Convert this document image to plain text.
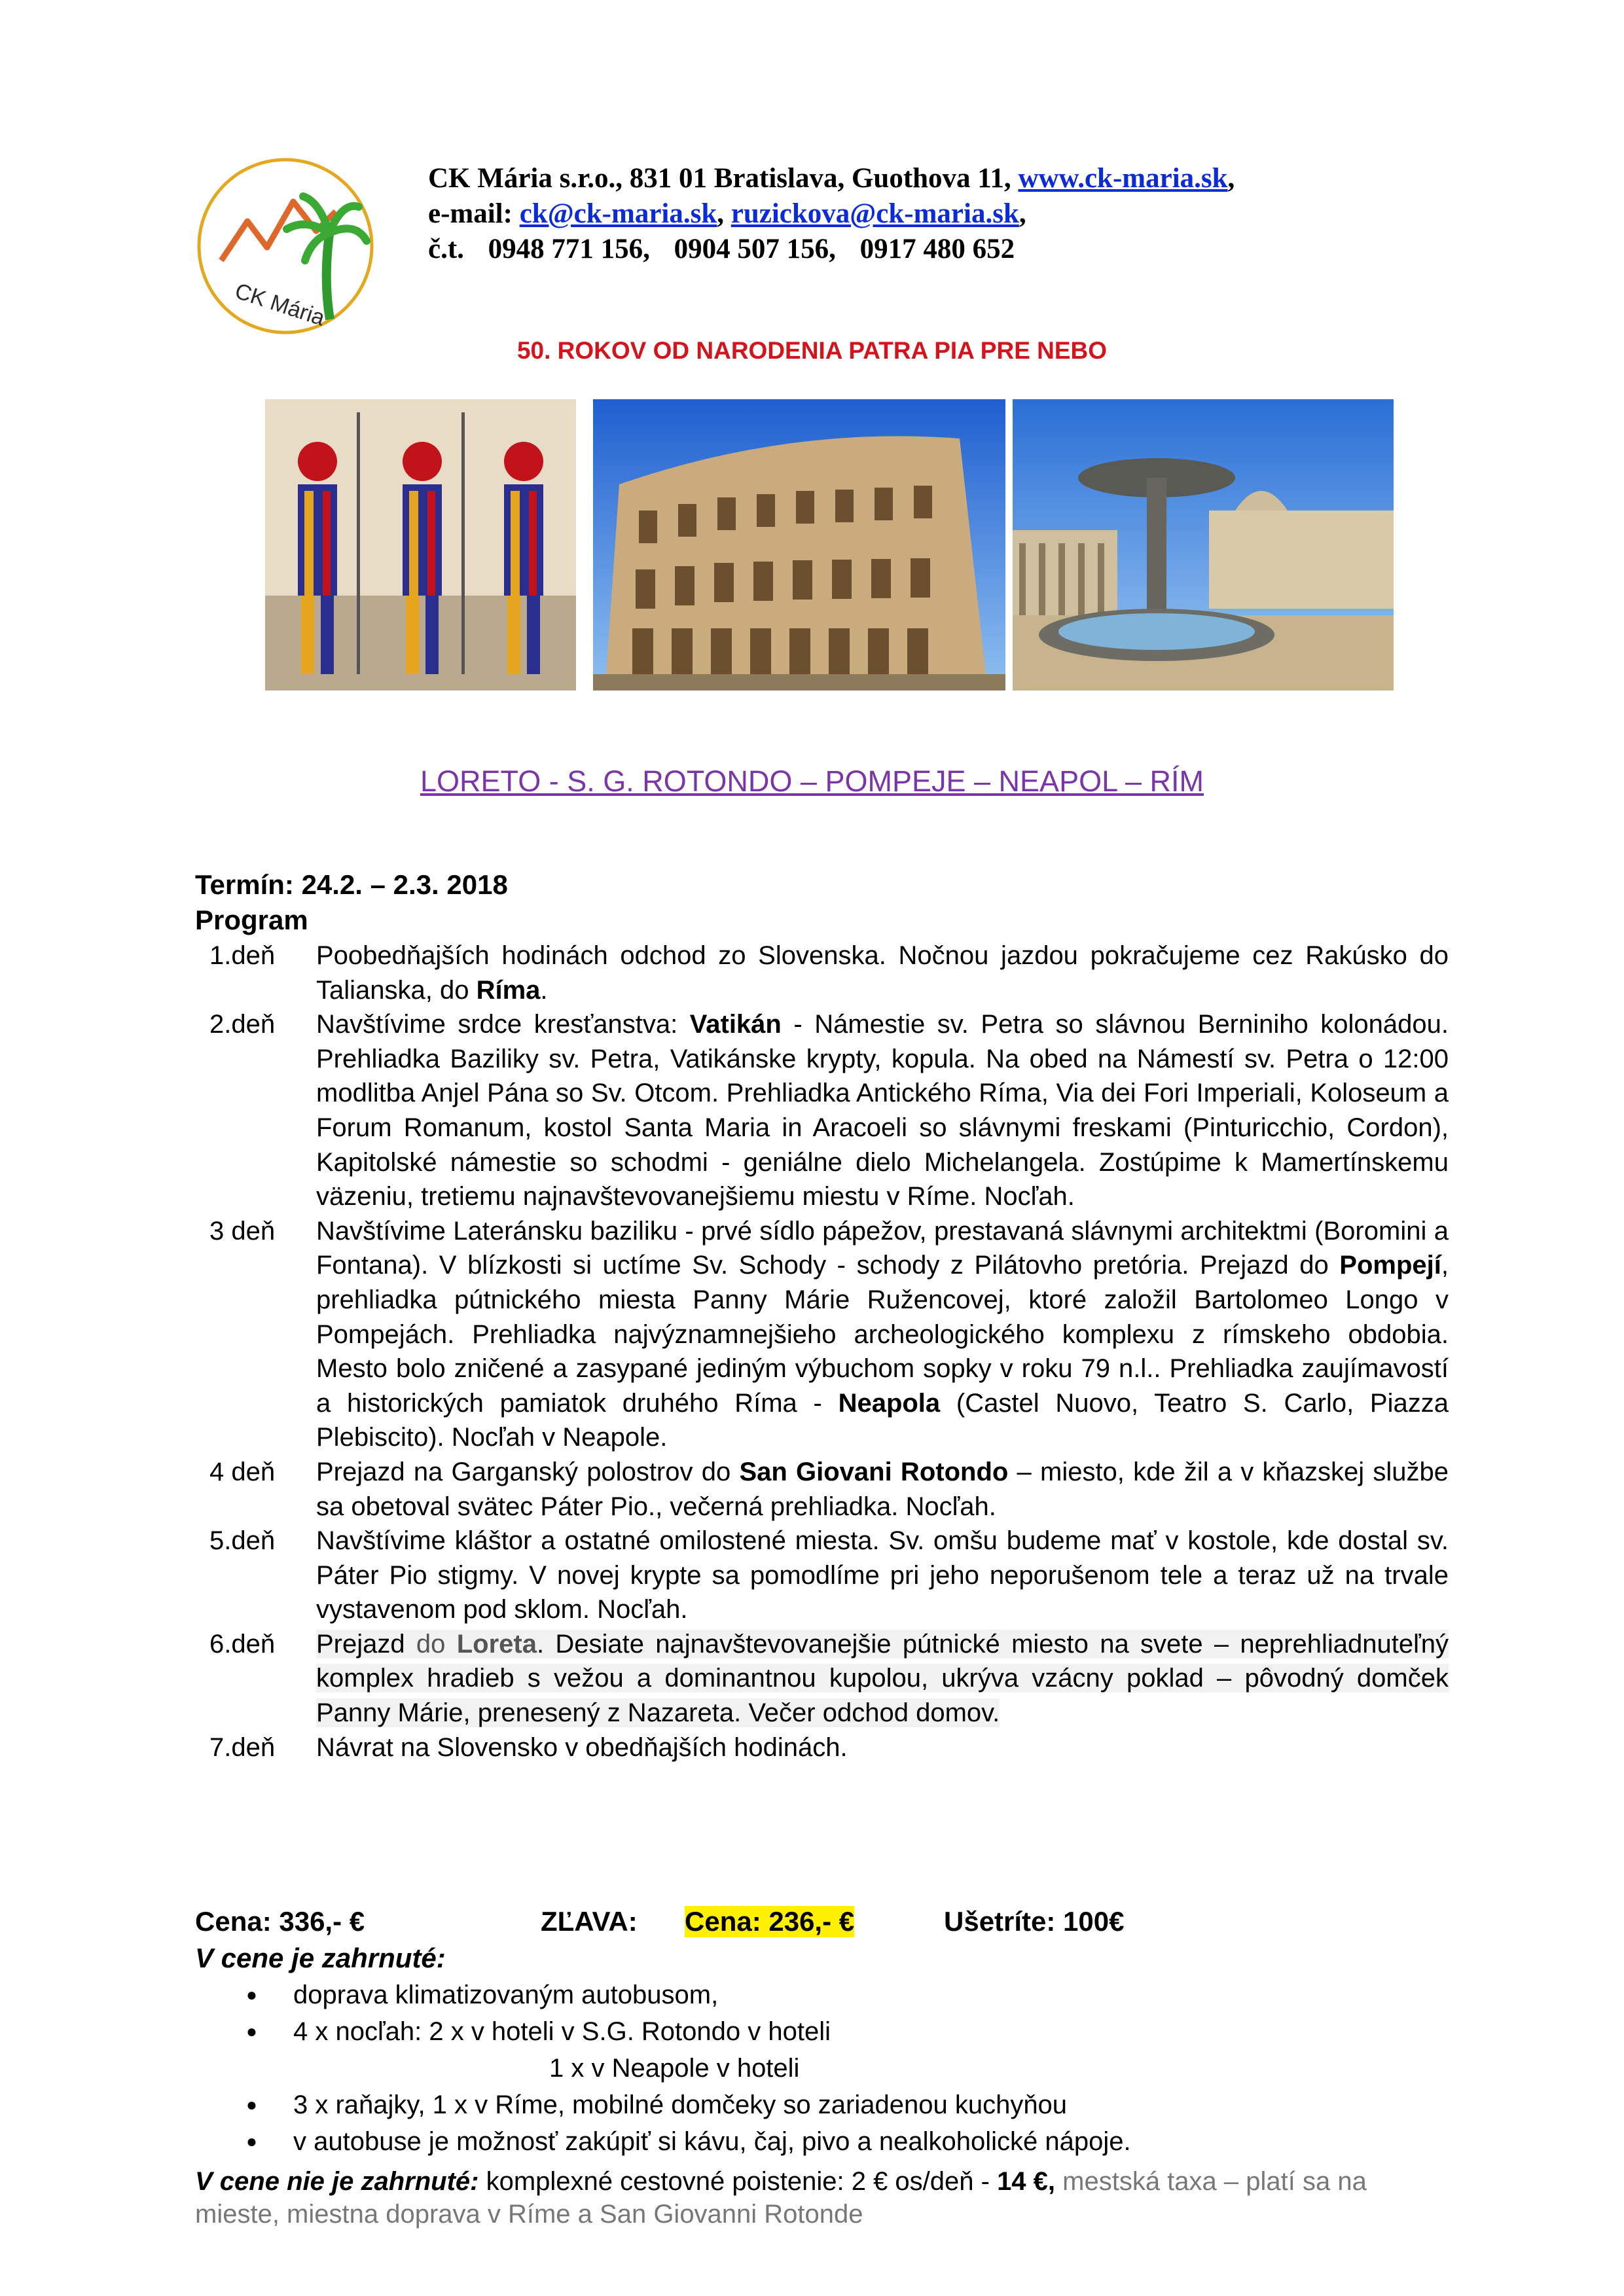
CK Mária
CK Mária s.r.o., 831 01 Bratislava, Guothova 11, www.ck-maria.sk,
e-mail: ck@ck-maria.sk, ruzickova@ck-maria.sk,
č.t. 0948 771 156, 0904 507 156, 0917 480 652
50. ROKOV OD NARODENIA PATRA PIA PRE NEBO
LORETO - S. G. ROTONDO – POMPEJE – NEAPOL – RÍM
Termín: 24.2. – 2.3. 2018
Program
1.deň Poobedňajších hodinách odchod zo Slovenska. Nočnou jazdou pokračujeme cez Rakúsko do Talianska, do Ríma.
2.deň Navštívime srdce kresťanstva: Vatikán - Námestie sv. Petra so slávnou Berniniho kolonádou. Prehliadka Baziliky sv. Petra, Vatikánske krypty, kopula. Na obed na Námestí sv. Petra o 12:00 modlitba Anjel Pána so Sv. Otcom. Prehliadka Antického Ríma, Via dei Fori Imperiali, Koloseum a Forum Romanum, kostol Santa Maria in Aracoeli so slávnymi freskami (Pinturicchio, Cordon), Kapitolské námestie so schodmi - geniálne dielo Michelangela. Zostúpime k Mamertínskemu väzeniu, tretiemu najnavštevovanejšiemu miestu v Ríme. Nocľah.
3 deň Navštívime Lateránsku baziliku - prvé sídlo pápežov, prestavaná slávnymi architektmi (Boromini a Fontana). V blízkosti si uctíme Sv. Schody - schody z Pilátovho pretória. Prejazd do Pompejí, prehliadka pútnického miesta Panny Márie Ružencovej, ktoré založil Bartolomeo Longo v Pompejách. Prehliadka najvýznamnejšieho archeologického komplexu z rímskeho obdobia. Mesto bolo zničené a zasypané jediným výbuchom sopky v roku 79 n.l.. Prehliadka zaujímavostí a historických pamiatok druhého Ríma - Neapola (Castel Nuovo, Teatro S. Carlo, Piazza Plebiscito). Nocľah v Neapole.
4 deň Prejazd na Garganský polostrov do San Giovani Rotondo – miesto, kde žil a v kňazskej službe sa obetoval svätec Páter Pio., večerná prehliadka. Nocľah.
5.deň Navštívime kláštor a ostatné omilostené miesta. Sv. omšu budeme mať v kostole, kde dostal sv. Páter Pio stigmy. V novej krypte sa pomodlíme pri jeho neporušenom tele a teraz už na trvale vystavenom pod sklom. Nocľah.
6.deň Prejazd do Loreta. Desiate najnavštevovanejšie pútnické miesto na svete – neprehliadnuteľný komplex hradieb s vežou a dominantnou kupolou, ukrýva vzácny poklad – pôvodný domček Panny Márie, prenesený z Nazareta. Večer odchod domov.
7.deň Návrat na Slovensko v obedňajších hodinách.
Cena: 336,- €	ZĽAVA: Cena: 236,- €	Ušetríte: 100€
V cene je zahrnuté:
● doprava klimatizovaným autobusom,
● 4 x nocľah: 2 x v hoteli v S.G. Rotondo v hoteli
1 x v Neapole v hoteli
● 3 x raňajky, 1 x v Ríme, mobilné domčeky so zariadenou kuchyňou
● v autobuse je možnosť zakúpiť si kávu, čaj, pivo a nealkoholické nápoje.
V cene nie je zahrnuté: komplexné cestovné poistenie: 2 € os/deň - 14 €, mestská taxa – platí sa na mieste, miestna doprava v Ríme a San Giovanni Rotonde
